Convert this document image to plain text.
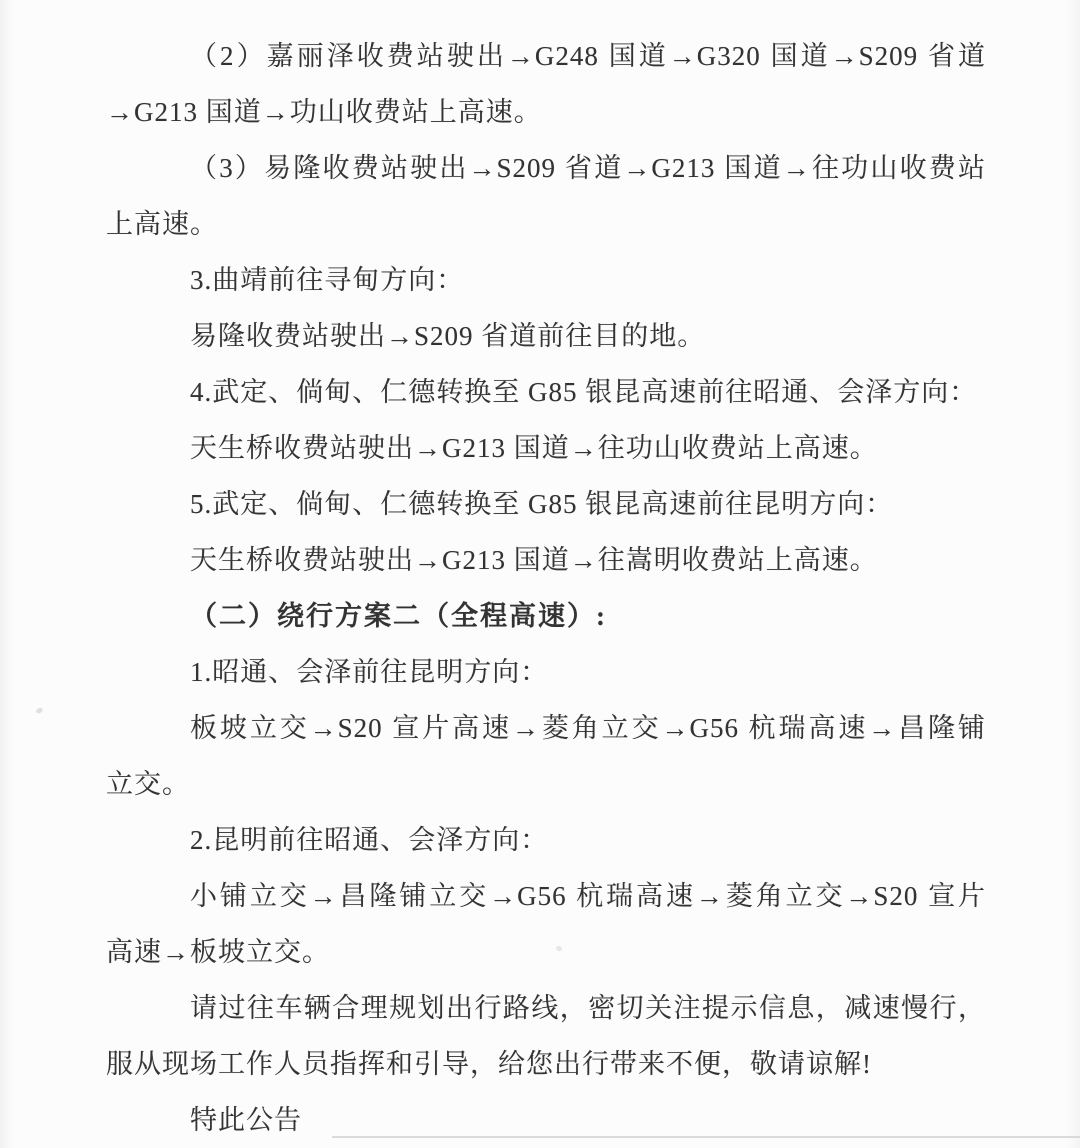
（2）嘉丽泽收费站驶出→G248 国道→G320 国道→S209 省道
→G213 国道→功山收费站上高速。
（3）易隆收费站驶出→S209 省道→G213 国道→往功山收费站
上高速。
3.曲靖前往寻甸方向：
易隆收费站驶出→S209 省道前往目的地。
4.武定、倘甸、仁德转换至 G85 银昆高速前往昭通、会泽方向：
天生桥收费站驶出→G213 国道→往功山收费站上高速。
5.武定、倘甸、仁德转换至 G85 银昆高速前往昆明方向：
天生桥收费站驶出→G213 国道→往嵩明收费站上高速。
（二）绕行方案二（全程高速）:
1.昭通、会泽前往昆明方向：
板坡立交→S20 宣片高速→菱角立交→G56 杭瑞高速→昌隆铺
立交。
2.昆明前往昭通、会泽方向：
小铺立交→昌隆铺立交→G56 杭瑞高速→菱角立交→S20 宣片
高速→板坡立交。
请过往车辆合理规划出行路线，密切关注提示信息，减速慢行，
服从现场工作人员指挥和引导，给您出行带来不便，敬请谅解!
特此公告
